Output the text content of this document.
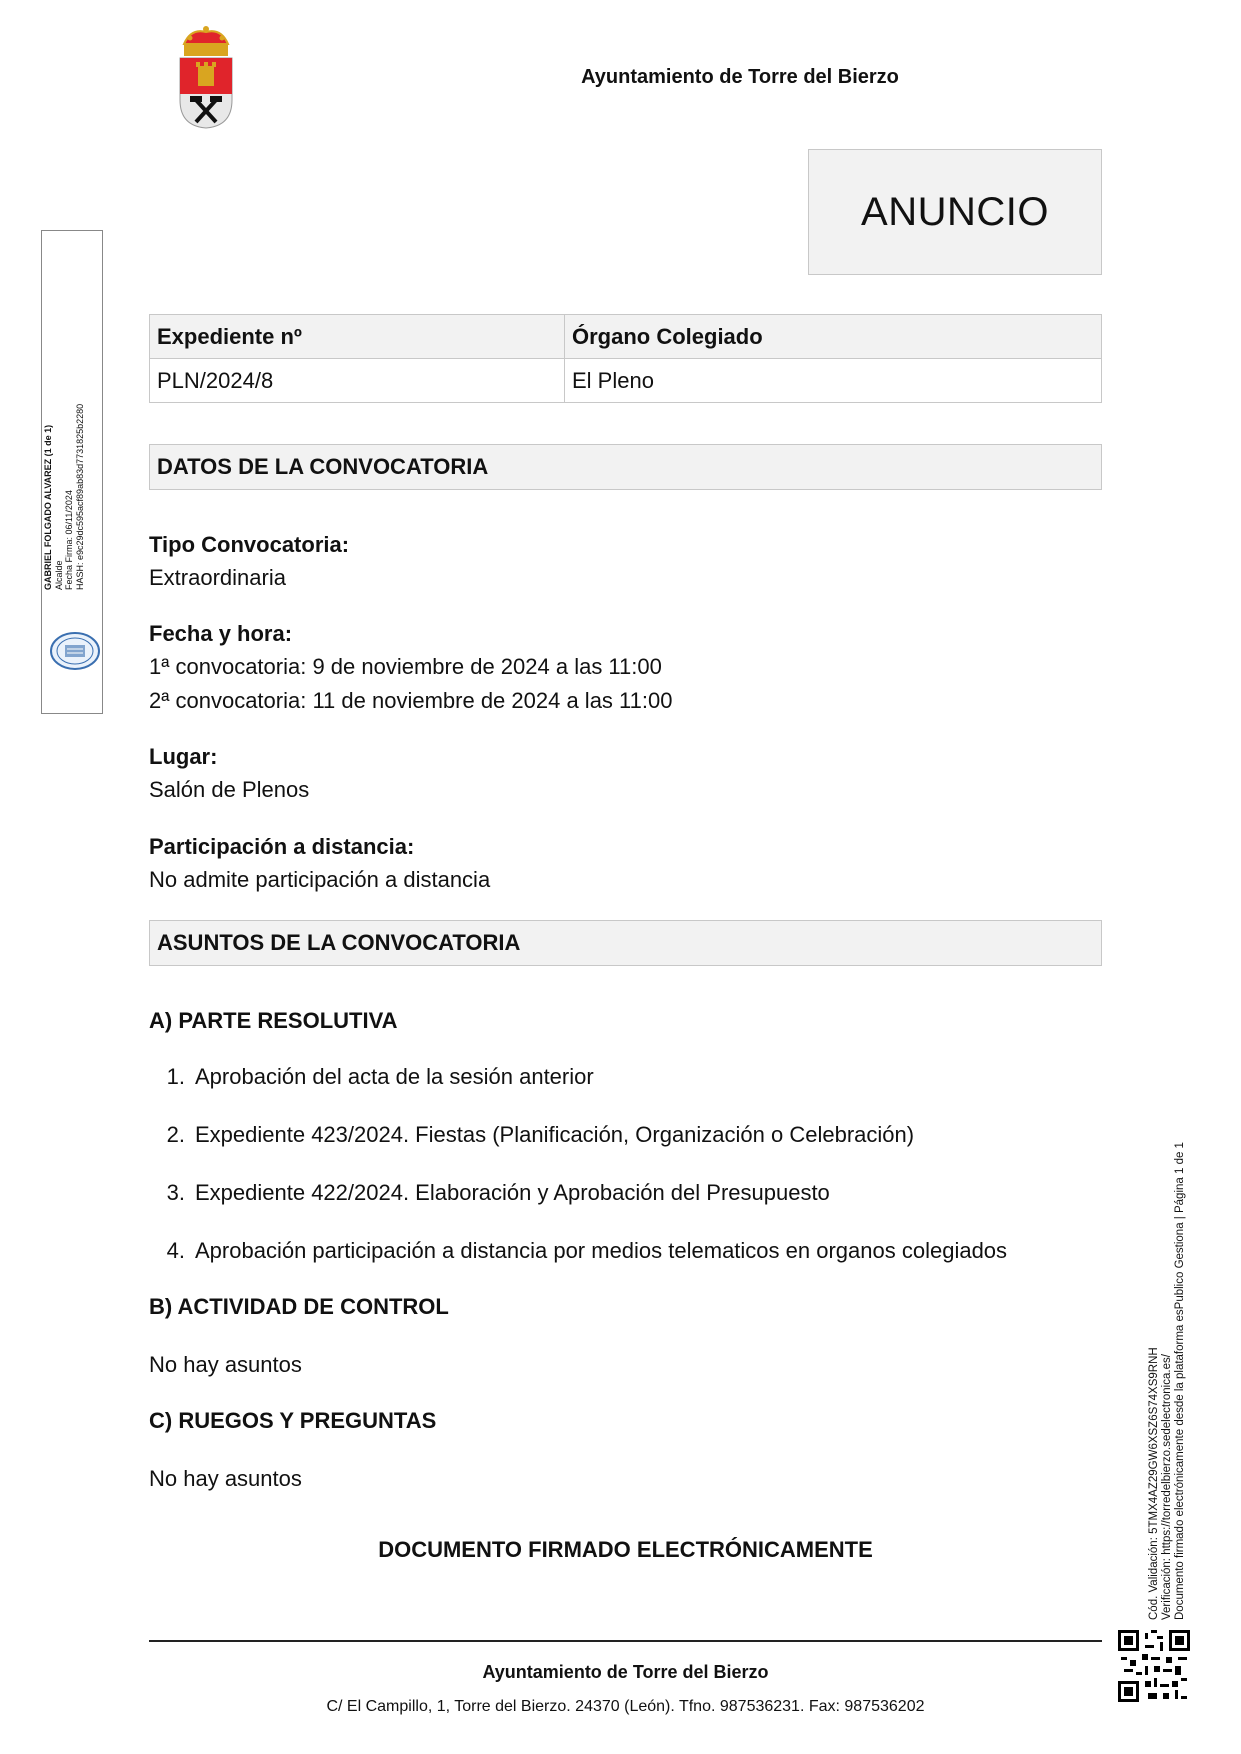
Ayuntamiento de Torre del Bierzo
ANUNCIO
Expediente nº	Órgano Colegiado
PLN/2024/8	El Pleno
DATOS DE LA CONVOCATORIA
Tipo Convocatoria:
Extraordinaria
Fecha y hora:
1ª convocatoria: 9 de noviembre de 2024 a las 11:00
2ª convocatoria: 11 de noviembre de 2024 a las 11:00
Lugar:
Salón de Plenos
Participación a distancia:
No admite participación a distancia
ASUNTOS DE LA CONVOCATORIA
A) PARTE RESOLUTIVA
1. Aprobación del acta de la sesión anterior
2. Expediente 423/2024. Fiestas (Planificación, Organización o Celebración)
3. Expediente 422/2024. Elaboración y Aprobación del Presupuesto
4. Aprobación participación a distancia por medios telematicos en organos colegiados
B) ACTIVIDAD DE CONTROL
No hay asuntos
C) RUEGOS Y PREGUNTAS
No hay asuntos
DOCUMENTO FIRMADO ELECTRÓNICAMENTE
Ayuntamiento de Torre del Bierzo
C/ El Campillo, 1, Torre del Bierzo. 24370 (León). Tfno. 987536231. Fax: 987536202
GABRIEL FOLGADO ALVAREZ (1 de 1) Alcalde Fecha Firma: 06/11/2024 HASH: e9c29dc595acf89ab83d7731825b2280
Cód. Validación: 5TMX4AZ29GW6XSZ6S74XS9RNH Verificación: https://torredelbierzo.sedelectronica.es/ Documento firmado electrónicamente desde la plataforma esPublico Gestiona | Página 1 de 1
